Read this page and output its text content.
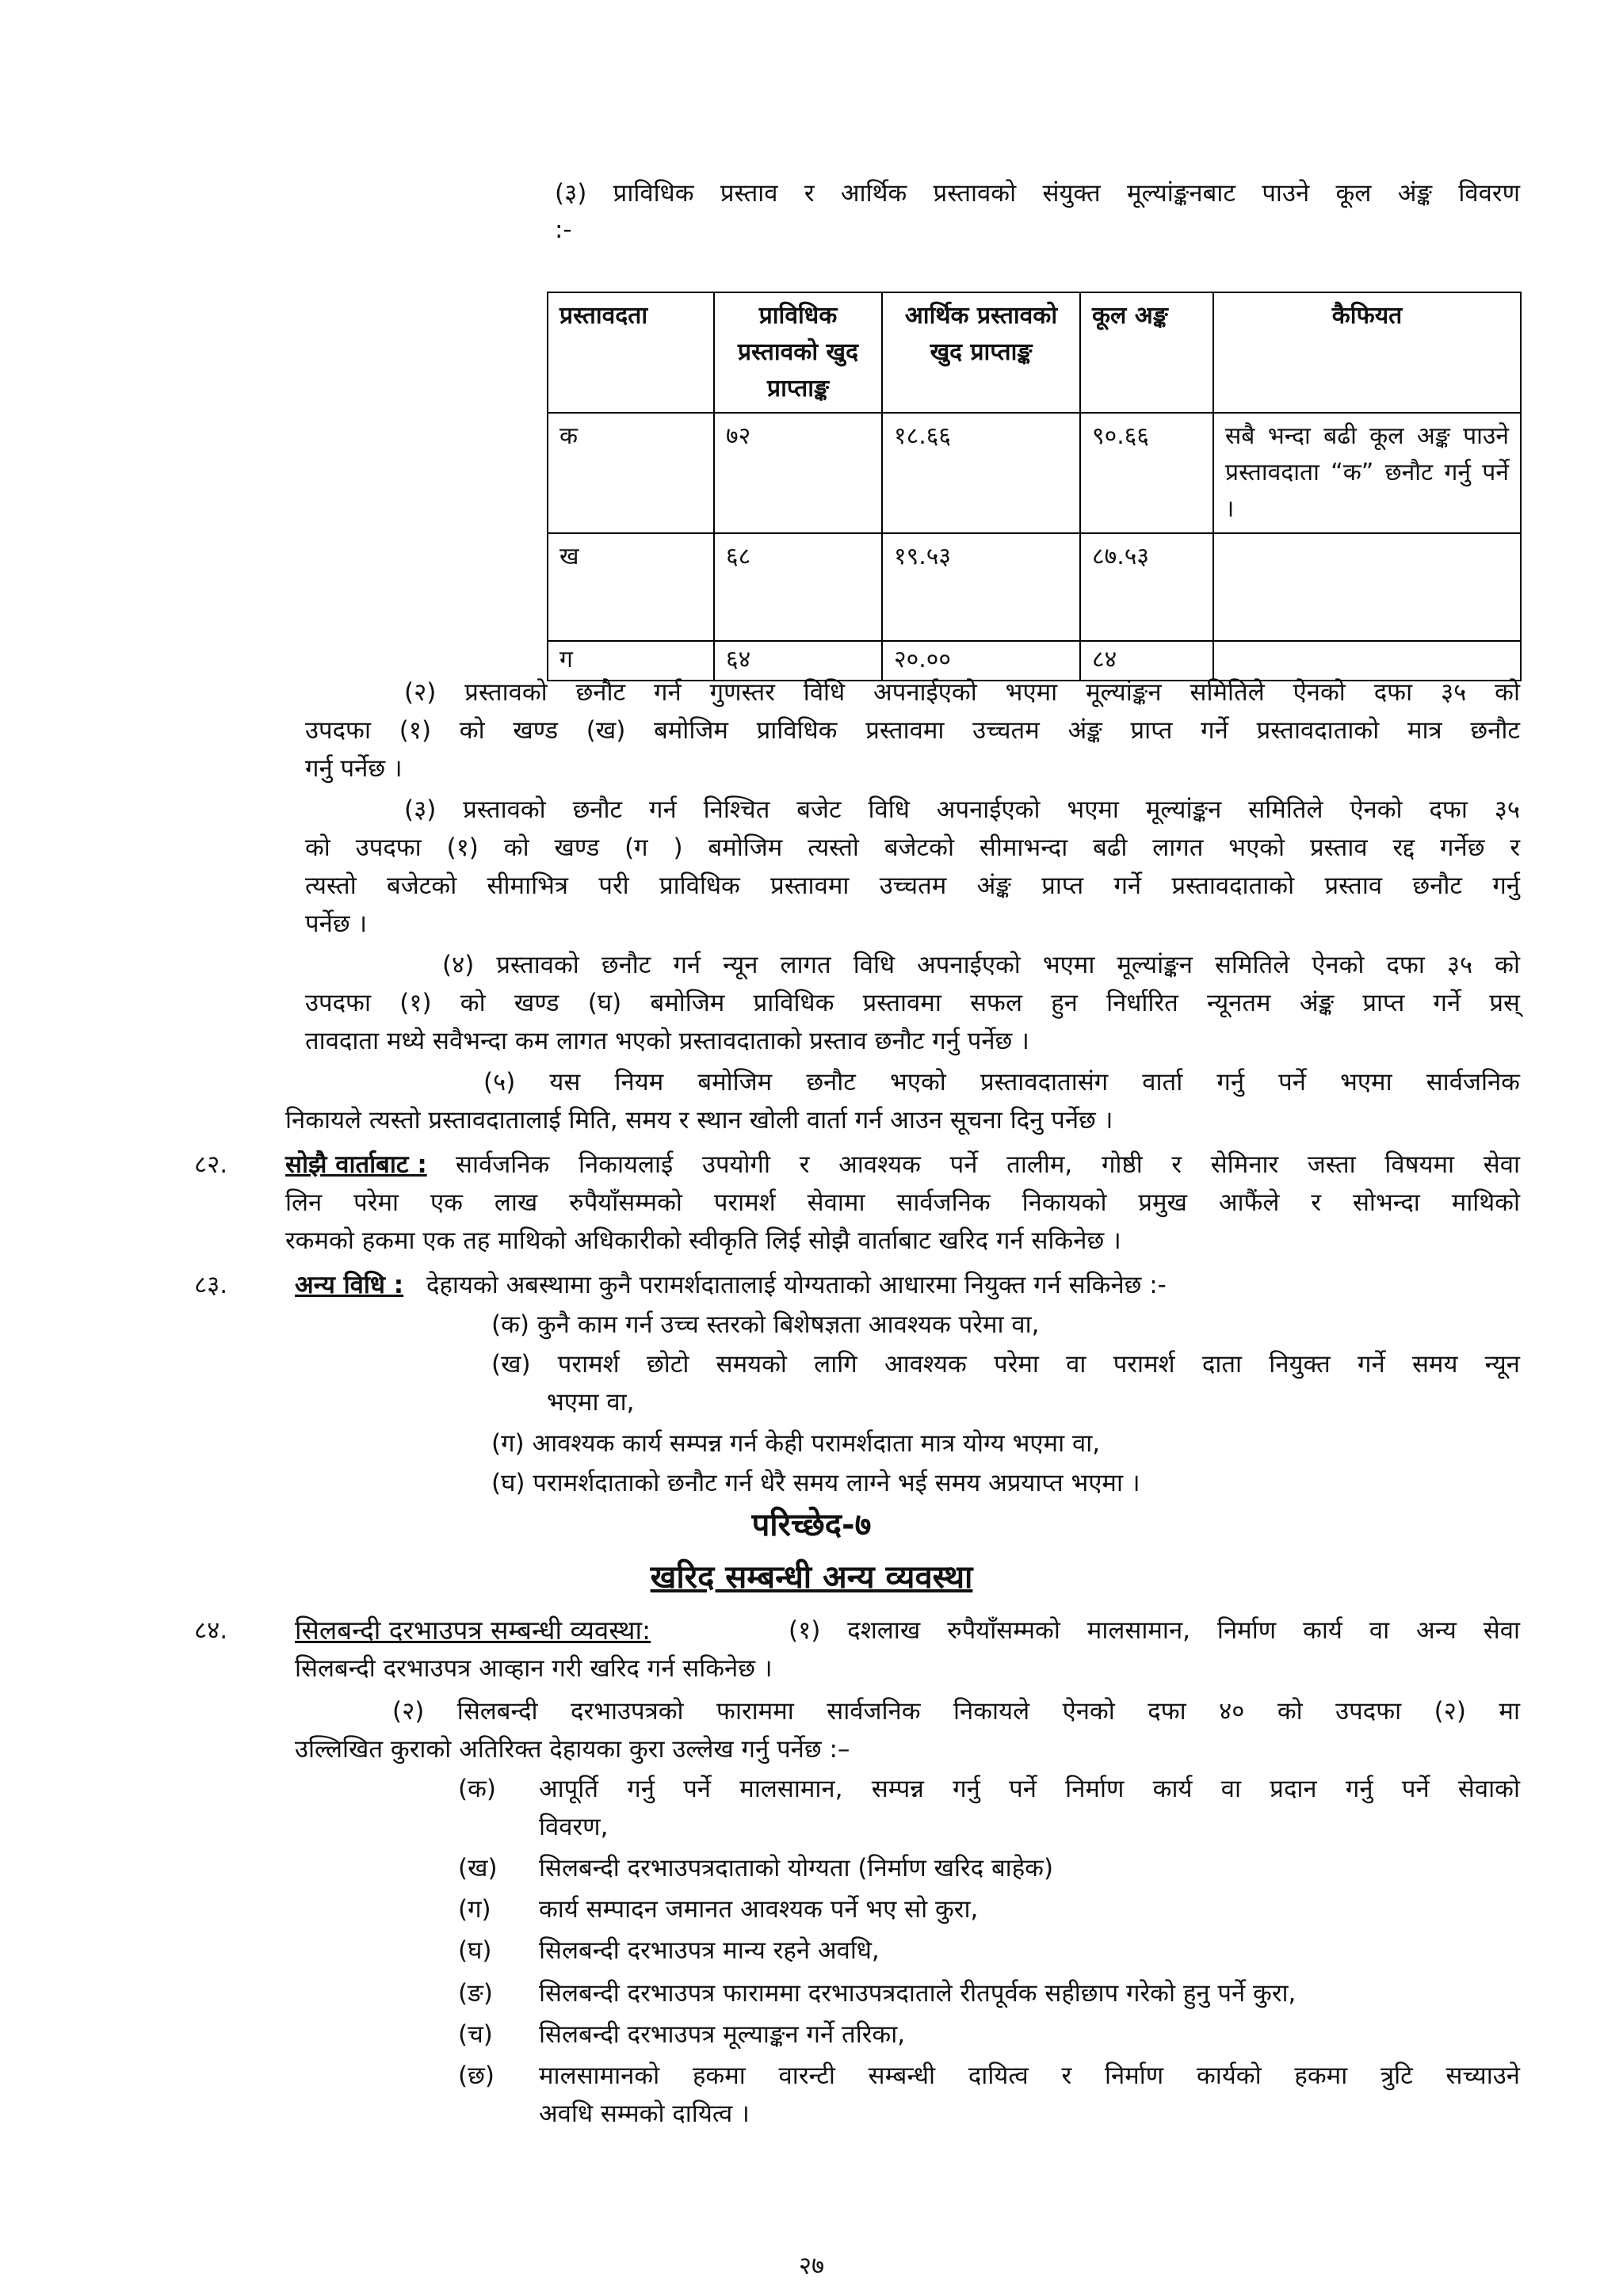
(३) प्राविधिक प्रस्ताव र आर्थिक प्रस्तावको संयुक्त मूल्यांङ्कनबाट पाउने कूल अंङ्क विवरण
:-
प्रस्तावदता	प्राविधिक प्रस्तावको खुद प्राप्ताङ्क	आर्थिक प्रस्तावको खुद प्राप्ताङ्क	कूल अङ्क	कैफियत
क	७२	१८.६६	९०.६६	सबै भन्दा बढी कूल अङ्क पाउने प्रस्तावदाता “क” छनौट गर्नु पर्ने ।
ख	६८	१९.५३	८७.५३	
ग	६४	२०.००	८४	
(२) प्रस्तावको छनौट गर्न गुणस्तर विधि अपनाईएको भएमा मूल्यांङ्कन समितिले ऐनको दफा ३५ को
उपदफा (१) को खण्ड (ख) बमोजिम प्राविधिक प्रस्तावमा उच्चतम अंङ्क प्राप्त गर्ने प्रस्तावदाताको मात्र छनौट
गर्नु पर्नेछ ।
(३) प्रस्तावको छनौट गर्न निश्चित बजेट विधि अपनाईएको भएमा मूल्यांङ्कन समितिले ऐनको दफा ३५
को उपदफा (१) को खण्ड (ग ) बमोजिम त्यस्तो बजेटको सीमाभन्दा बढी लागत भएको प्रस्ताव रद्द गर्नेछ र
त्यस्तो बजेटको सीमाभित्र परी प्राविधिक प्रस्तावमा उच्चतम अंङ्क प्राप्त गर्ने प्रस्तावदाताको प्रस्ताव छनौट गर्नु
पर्नेछ ।
(४) प्रस्तावको छनौट गर्न न्यून लागत विधि अपनाईएको भएमा मूल्यांङ्कन समितिले ऐनको दफा ३५ को
उपदफा (१) को खण्ड (घ) बमोजिम प्राविधिक प्रस्तावमा सफल हुन निर्धारित न्यूनतम अंङ्क प्राप्त गर्ने प्रस्
तावदाता मध्ये सवैभन्दा कम लागत भएको प्रस्तावदाताको प्रस्ताव छनौट गर्नु पर्नेछ ।
(५) यस नियम बमोजिम छनौट भएको प्रस्तावदातासंग वार्ता गर्नु पर्ने भएमा सार्वजनिक
निकायले त्यस्तो प्रस्तावदातालाई मिति, समय र स्थान खोली वार्ता गर्न आउन सूचना दिनु पर्नेछ ।
८२. सोझै वार्ताबाट : सार्वजनिक निकायलाई उपयोगी र आवश्यक पर्ने तालीम, गोष्ठी र सेमिनार जस्ता विषयमा सेवा
लिन परेमा एक लाख रुपैयाँसम्मको परामर्श सेवामा सार्वजनिक निकायको प्रमुख आफैंले र सोभन्दा माथिको
रकमको हकमा एक तह माथिको अधिकारीको स्वीकृति लिई सोझै वार्ताबाट खरिद गर्न सकिनेछ ।
८३.	अन्य विधि : देहायको अबस्थामा कुनै परामर्शदातालाई योग्यताको आधारमा नियुक्त गर्न सकिनेछ :-
(क) कुनै काम गर्न उच्च स्तरको बिशेषज्ञता आवश्यक परेमा वा,
(ख) परामर्श छोटो समयको लागि आवश्यक परेमा वा परामर्श दाता नियुक्त गर्ने समय न्यून
भएमा वा,
(ग) आवश्यक कार्य सम्पन्न गर्न केही परामर्शदाता मात्र योग्य भएमा वा,
(घ) परामर्शदाताको छनौट गर्न धेरै समय लाग्ने भई समय अप्रयाप्त भएमा ।
परिच्छेद-७
खरिद सम्बन्धी अन्य व्यवस्था
८४.	सिलबन्दी दरभाउपत्र सम्बन्धी व्यवस्था:	(१) दशलाख रुपैयाँसम्मको मालसामान, निर्माण कार्य वा अन्य सेवा
सिलबन्दी दरभाउपत्र आव्हान गरी खरिद गर्न सकिनेछ ।
(२) सिलबन्दी दरभाउपत्रको फाराममा सार्वजनिक निकायले ऐनको दफा ४० को उपदफा (२) मा
उल्लिखित कुराको अतिरिक्त देहायका कुरा उल्लेख गर्नु पर्नेछ :–
(क) आपूर्ति गर्नु पर्ने मालसामान, सम्पन्न गर्नु पर्ने निर्माण कार्य वा प्रदान गर्नु पर्ने सेवाको
विवरण,
(ख) सिलबन्दी दरभाउपत्रदाताको योग्यता (निर्माण खरिद बाहेक)
(ग) कार्य सम्पादन जमानत आवश्यक पर्ने भए सो कुरा,
(घ) सिलबन्दी दरभाउपत्र मान्य रहने अवधि,
(ङ) सिलबन्दी दरभाउपत्र फाराममा दरभाउपत्रदाताले रीतपूर्वक सहीछाप गरेको हुनु पर्ने कुरा,
(च) सिलबन्दी दरभाउपत्र मूल्याङ्कन गर्ने तरिका,
(छ) मालसामानको हकमा वारन्टी सम्बन्धी दायित्व र निर्माण कार्यको हकमा त्रुटि सच्याउने
अवधि सम्मको दायित्व ।
२७
